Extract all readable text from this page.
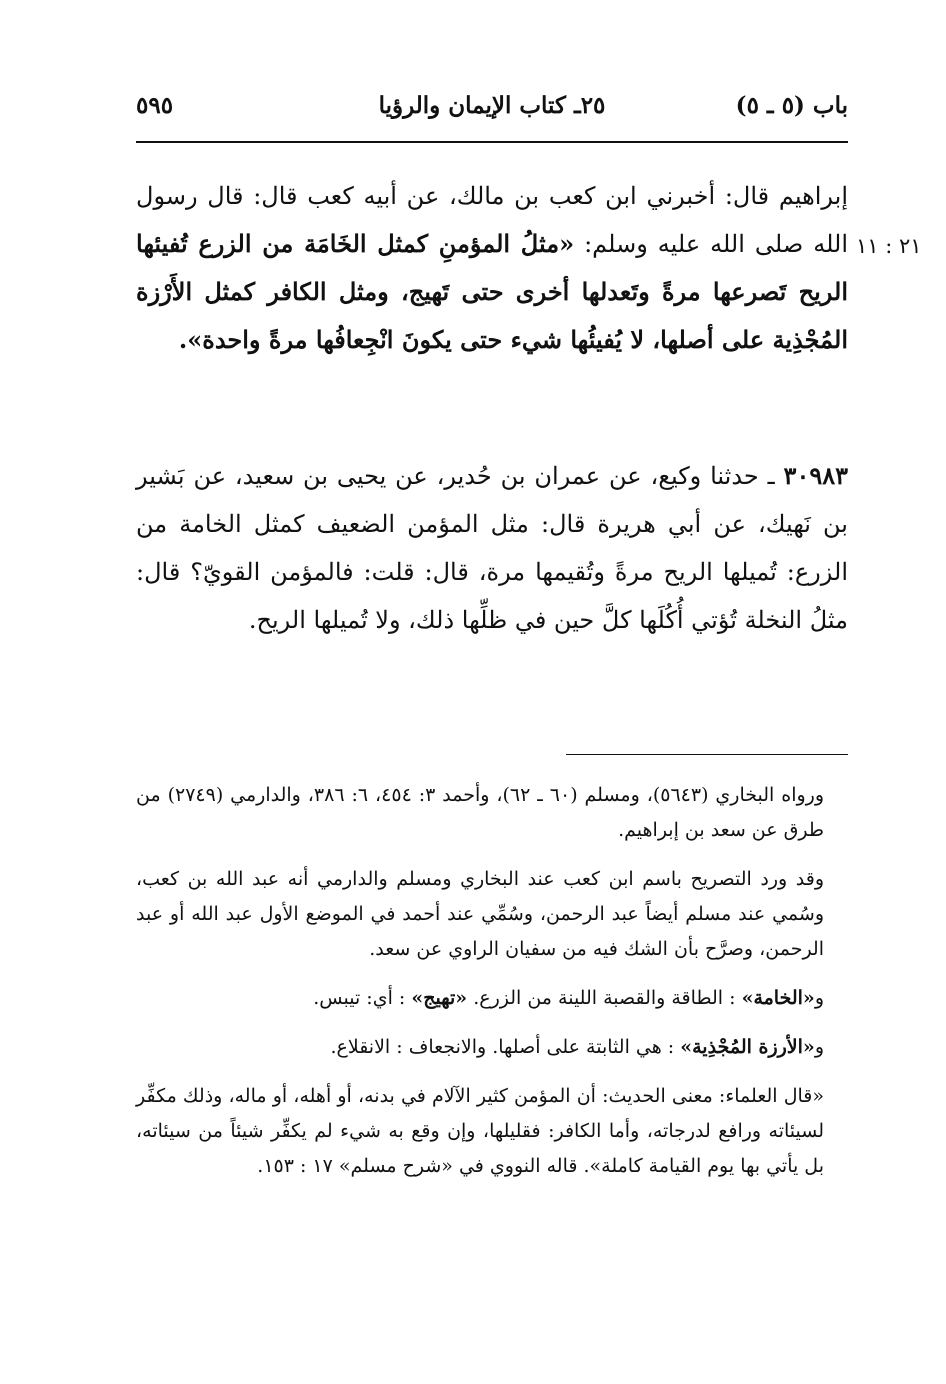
باب (٥ ـ ٥)
٢٥ـ كتاب الإيمان والرؤيا
٥٩٥
٢١ : ١١
إبراهيم قال: أخبرني ابن كعب بن مالك، عن أبيه كعب قال: قال رسول الله صلى الله عليه وسلم: «مثلُ المؤمنِ كمثل الخَامَة من الزرع تُفيئها الريح تَصرعها مرةً وتَعدلها أخرى حتى تَهيج، ومثل الكافر كمثل الأَرْزة المُجْذِية على أصلها، لا يُفيئُها شيء حتى يكونَ انْجِعافُها مرةً واحدة».
٣٠٩٨٣ ـ حدثنا وكيع، عن عمران بن حُدير، عن يحيى بن سعيد، عن بَشير بن نَهيك، عن أبي هريرة قال: مثل المؤمن الضعيف كمثل الخامة من الزرع: تُميلها الريح مرةً وتُقيمها مرة، قال: قلت: فالمؤمن القويّ؟ قال: مثلُ النخلة تُؤتي أُكُلَها كلَّ حين في ظلِّها ذلك، ولا تُميلها الريح.

ورواه البخاري (٥٦٤٣)، ومسلم (٦٠ ـ ٦٢)، وأحمد ٣: ٤٥٤، ٦: ٣٨٦، والدارمي (٢٧٤٩) من طرق عن سعد بن إبراهيم.

وقد ورد التصريح باسم ابن كعب عند البخاري ومسلم والدارمي أنه عبد الله بن كعب، وسُمي عند مسلم أيضاً عبد الرحمن، وسُمِّي عند أحمد في الموضع الأول عبد الله أو عبد الرحمن، وصرَّح بأن الشك فيه من سفيان الراوي عن سعد.

و«الخامة» : الطاقة والقصبة اللينة من الزرع. «تهيج» : أي: تيبس.

و«الأرزة المُجْذِية» : هي الثابتة على أصلها. والانجعاف : الانقلاع.

«قال العلماء: معنى الحديث: أن المؤمن كثير الآلام في بدنه، أو أهله، أو ماله، وذلك مكفِّر لسيئاته ورافع لدرجاته، وأما الكافر: فقليلها، وإن وقع به شيء لم يكفِّر شيئاً من سيئاته، بل يأتي بها يوم القيامة كاملة». قاله النووي في «شرح مسلم» ١٧ : ١٥٣.
